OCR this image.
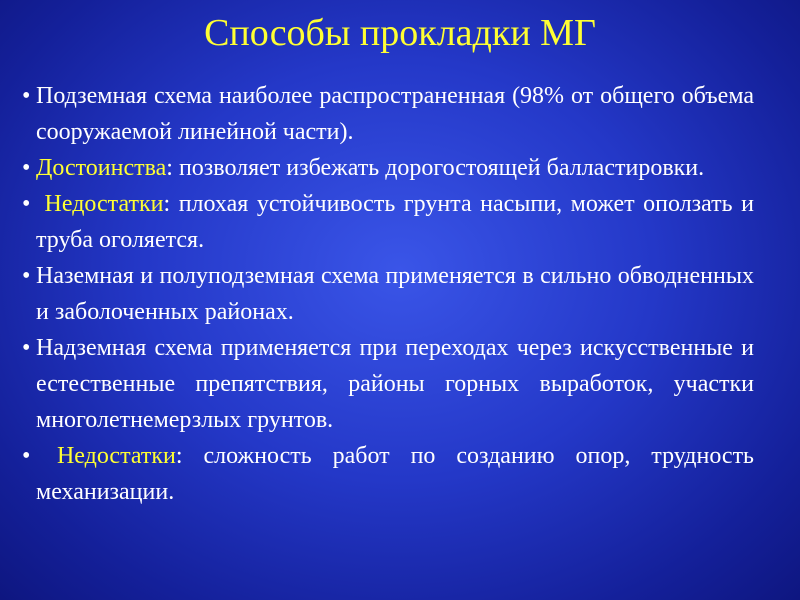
Способы прокладки МГ
• Подземная схема наиболее распространенная (98% от общего объема сооружаемой линейной части).
• Достоинства: позволяет избежать дорогостоящей балластировки.
• Недостатки: плохая устойчивость грунта насыпи, может оползать и труба оголяется.
• Наземная и полуподземная схема применяется в сильно обводненных и заболоченных районах.
• Надземная схема применяется при переходах через искусственные и естественные препятствия, районы горных выработок, участки многолетнемерзлых грунтов.
• Недостатки: сложность работ по созданию опор, трудность механизации.
